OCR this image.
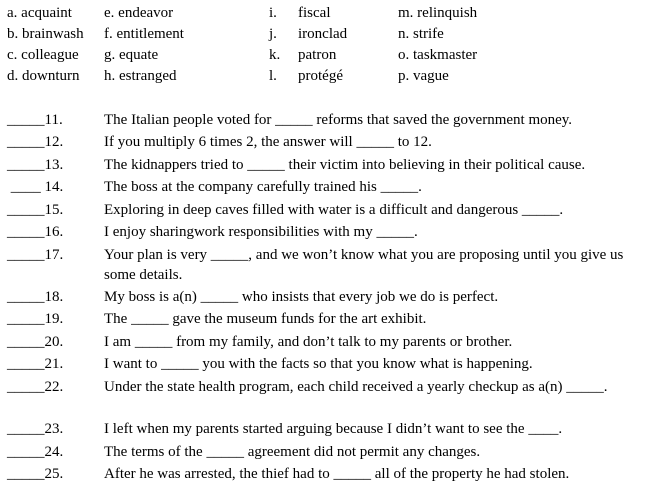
a. acquaint e. endeavor	i. fiscal	m. relinquish
b. brainwash f. entitlement	j. ironclad	n. strife
c. colleague g. equate	k. patron	o. taskmaster
d. downturn h. estranged	l. protégé	p. vague
_____11.	The Italian people voted for _____ reforms that saved the government money.
_____12.	If you multiply 6 times 2, the answer will _____ to 12.
_____13.	The kidnappers tried to _____ their victim into believing in their political cause.
____ 14.	The boss at the company carefully trained his _____.
_____15.	Exploring in deep caves filled with water is a difficult and dangerous _____.
_____16.	I enjoy sharingwork responsibilities with my _____.
_____17.	Your plan is very _____, and we won’t know what you are proposing until you give us some details.
_____18.	My boss is a(n) _____ who insists that every job we do is perfect.
_____19.	The _____ gave the museum funds for the art exhibit.
_____20.	I am _____ from my family, and don’t talk to my parents or brother.
_____21.	I want to _____ you with the facts so that you know what is happening.
_____22.	Under the state health program, each child received a yearly checkup as a(n) _____.
_____23.	I left when my parents started arguing because I didn’t want to see the ____.
_____24.	The terms of the _____ agreement did not permit any changes.
_____25.	After he was arrested, the thief had to _____ all of the property he had stolen.
